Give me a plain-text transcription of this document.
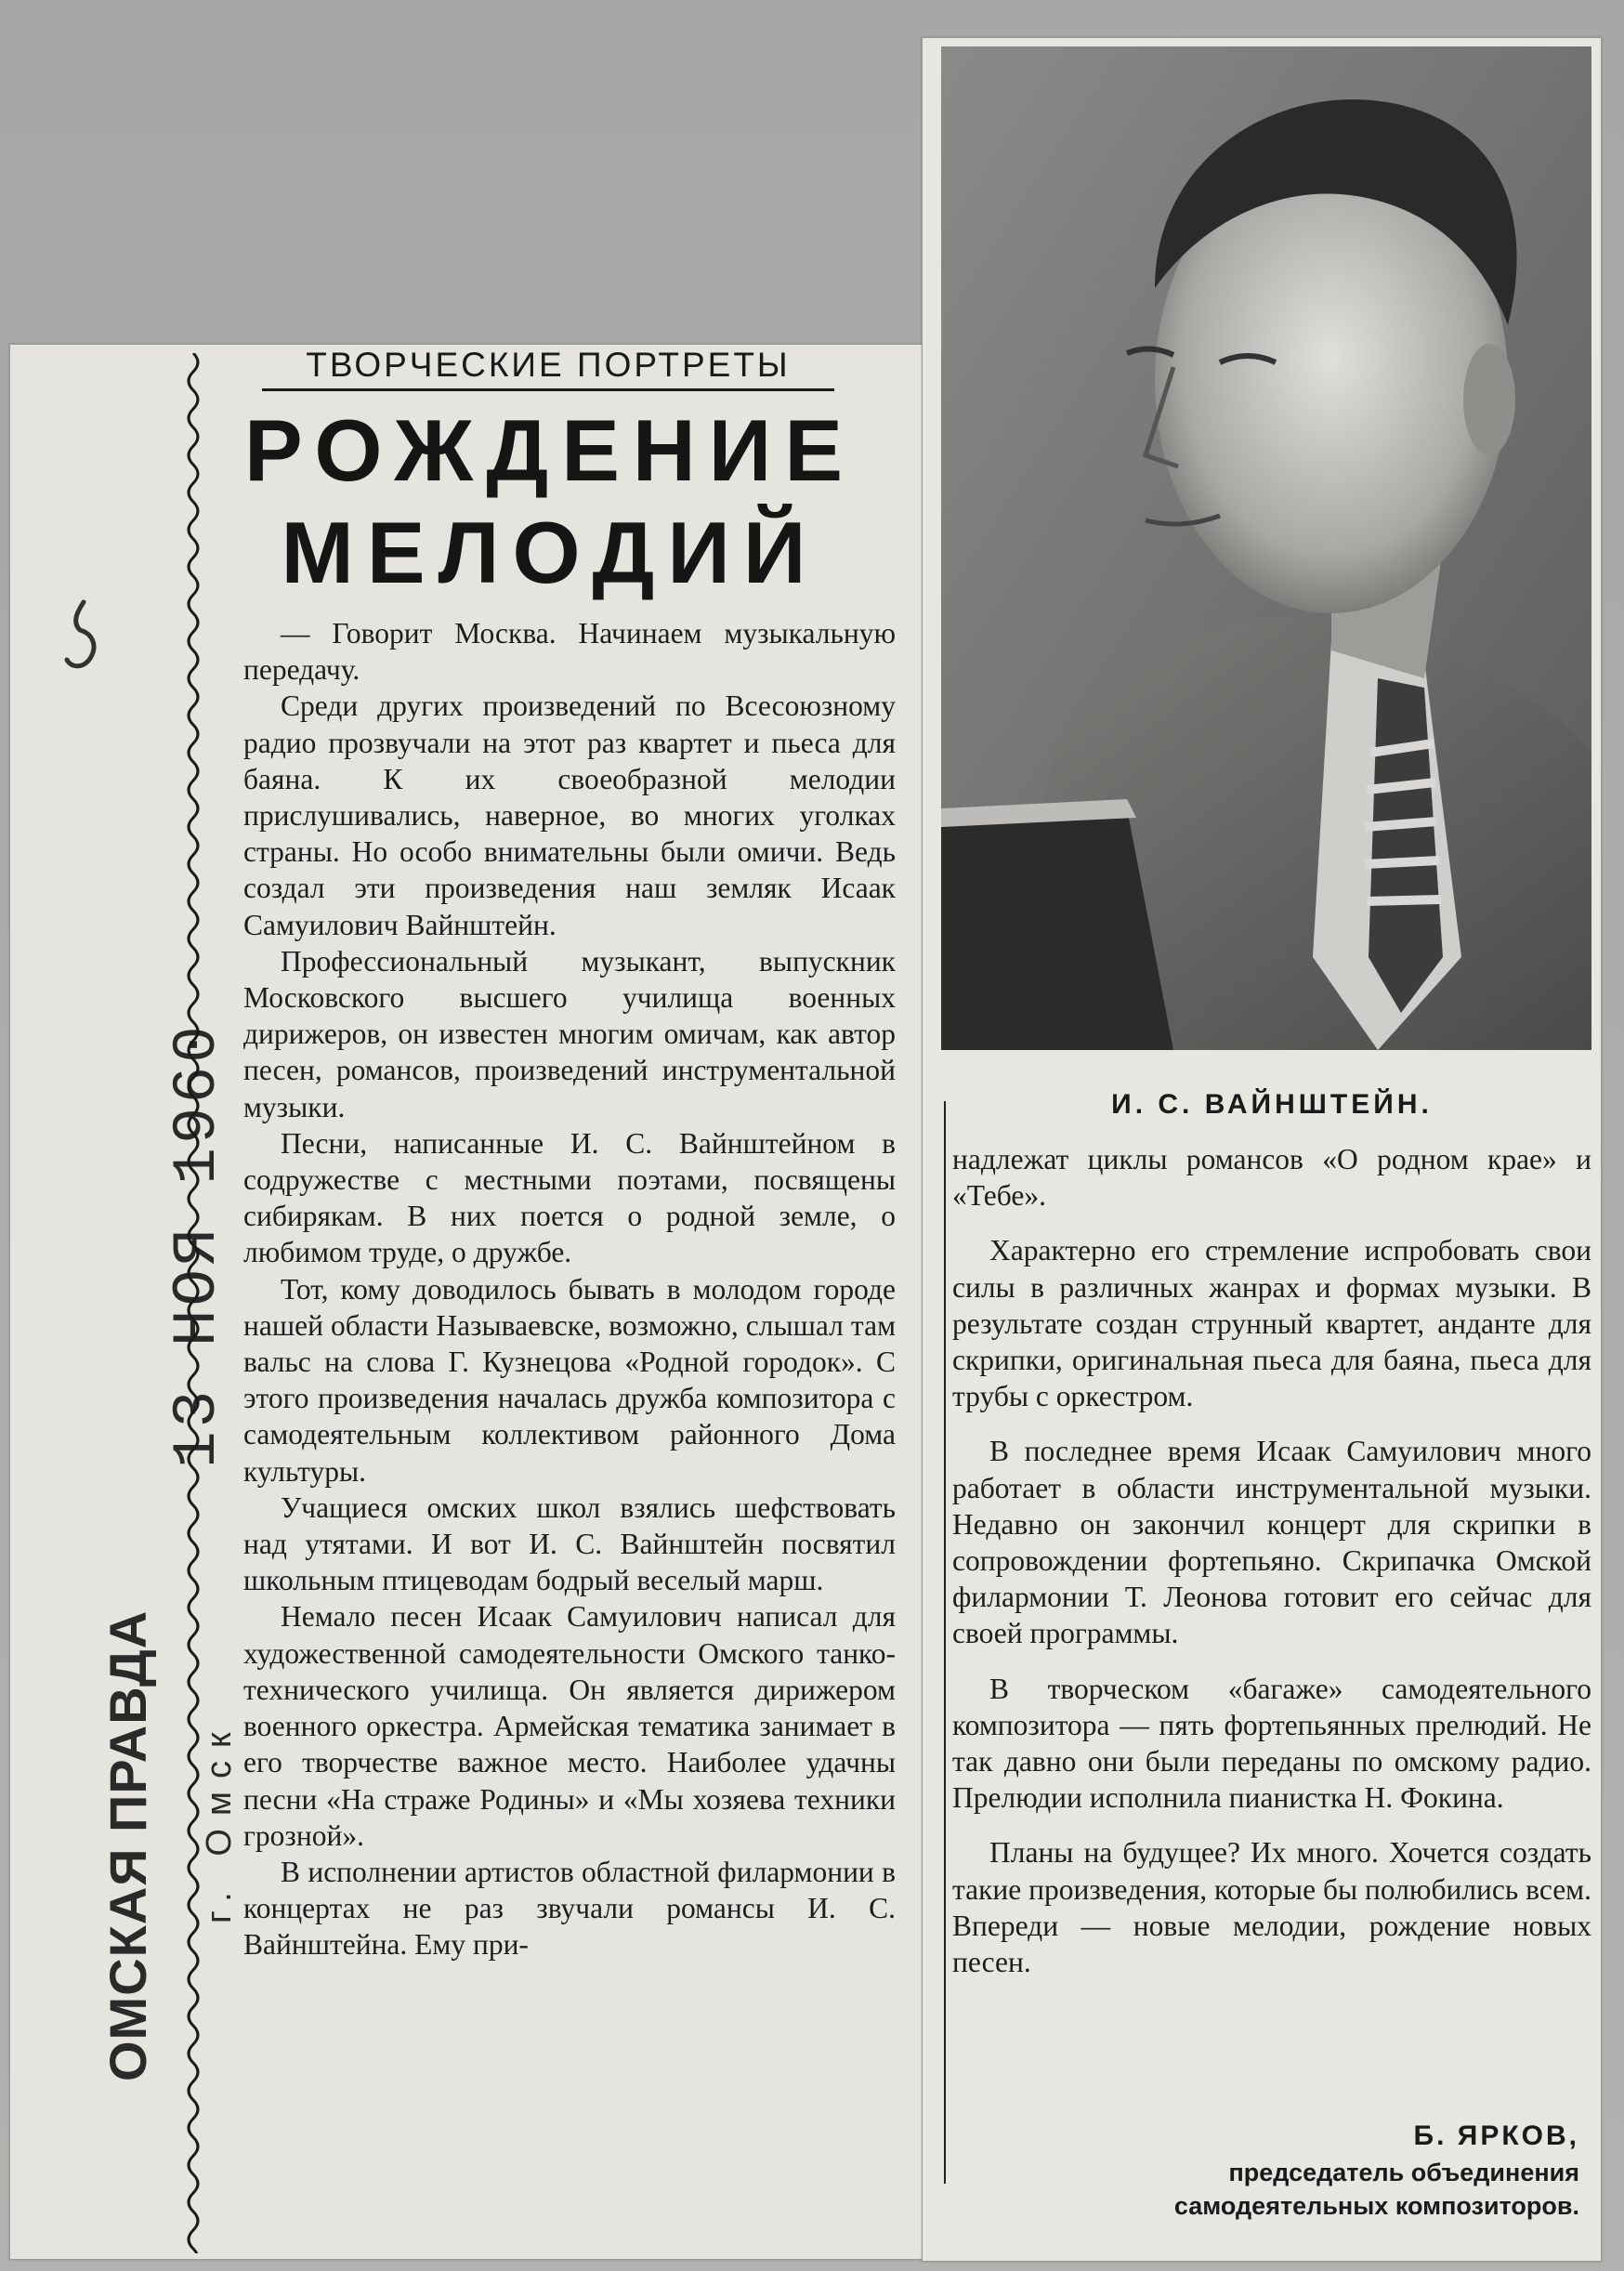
ОМСКАЯ ПРАВДА г. Омск
13 НОЯ 1960
ТВОРЧЕСКИЕ ПОРТРЕТЫ
РОЖДЕНИЕ
МЕЛОДИЙ

— Говорит Москва. Начинаем музыкальную передачу.

Среди других произведений по Всесоюзному радио прозвучали на этот раз квартет и пьеса для баяна. К их своеобразной мелодии прислушивались, наверное, во многих уголках страны. Но особо внимательны были омичи. Ведь создал эти произведения наш земляк Исаак Самуилович Вайнштейн.

Профессиональный музыкант, выпускник Московского высшего училища военных дирижеров, он известен многим омичам, как автор песен, романсов, произведений инструментальной музыки.

Песни, написанные И. С. Вайнштейном в содружестве с местными поэтами, посвящены сибирякам. В них поется о родной земле, о любимом труде, о дружбе.

Тот, кому доводилось бывать в молодом городе нашей области Называевске, возможно, слышал там вальс на слова Г. Кузнецова «Родной городок». С этого произведения началась дружба композитора с самодеятельным коллективом районного Дома культуры.

Учащиеся омских школ взялись шефствовать над утятами. И вот И. С. Вайнштейн посвятил школьным птицеводам бодрый веселый марш.

Немало песен Исаак Самуилович написал для художественной самодеятельности Омского танко-технического училища. Он является дирижером военного оркестра. Армейская тематика занимает в его творчестве важное место. Наиболее удачны песни «На страже Родины» и «Мы хозяева техники грозной».

В исполнении артистов областной филармонии в концертах не раз звучали романсы И. С. Вайнштейна. Ему при-

И. С. ВАЙНШТЕЙН.

надлежат циклы романсов «О родном крае» и «Тебе».

Характерно его стремление испробовать свои силы в различных жанрах и формах музыки. В результате создан струнный квартет, анданте для скрипки, оригинальная пьеса для баяна, пьеса для трубы с оркестром.

В последнее время Исаак Самуилович много работает в области инструментальной музыки. Недавно он закончил концерт для скрипки в сопровождении фортепьяно. Скрипачка Омской филармонии Т. Леонова готовит его сейчас для своей программы.

В творческом «багаже» самодеятельного композитора — пять фортепьянных прелюдий. Не так давно они были переданы по омскому радио. Прелюдии исполнила пианистка Н. Фокина.

Планы на будущее? Их много. Хочется создать такие произведения, которые бы полюбились всем. Впереди — новые мелодии, рождение новых песен.

Б. ЯРКОВ,
председатель объединения
самодеятельных композиторов.
